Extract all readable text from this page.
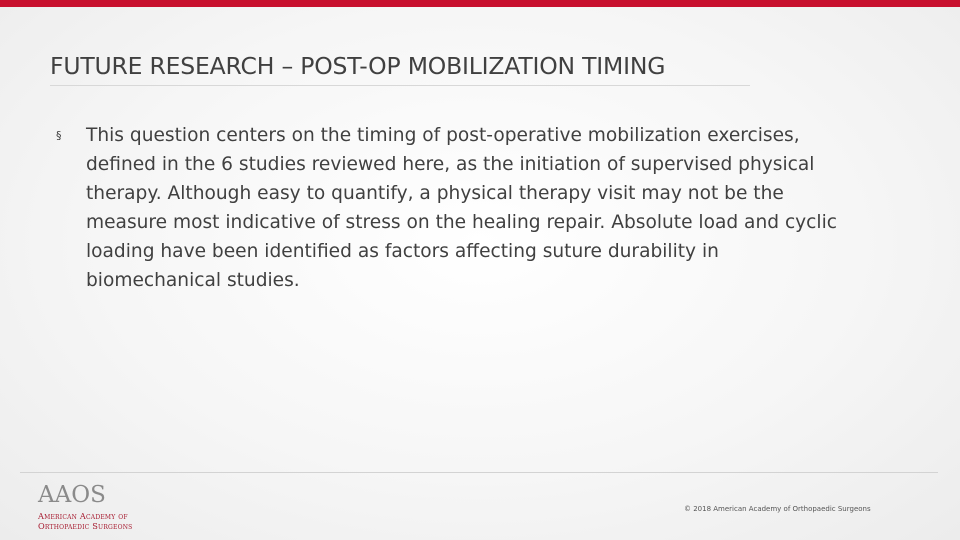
FUTURE RESEARCH – POST-OP MOBILIZATION TIMING
§	This question centers on the timing of post-operative mobilization exercises, defined in the 6 studies reviewed here, as the initiation of supervised physical therapy. Although easy to quantify, a physical therapy visit may not be the measure most indicative of stress on the healing repair. Absolute load and cyclic loading have been identified as factors affecting suture durability in biomechanical studies.
AAOS
American Academy of
Orthopaedic Surgeons
© 2018 American Academy of Orthopaedic Surgeons
